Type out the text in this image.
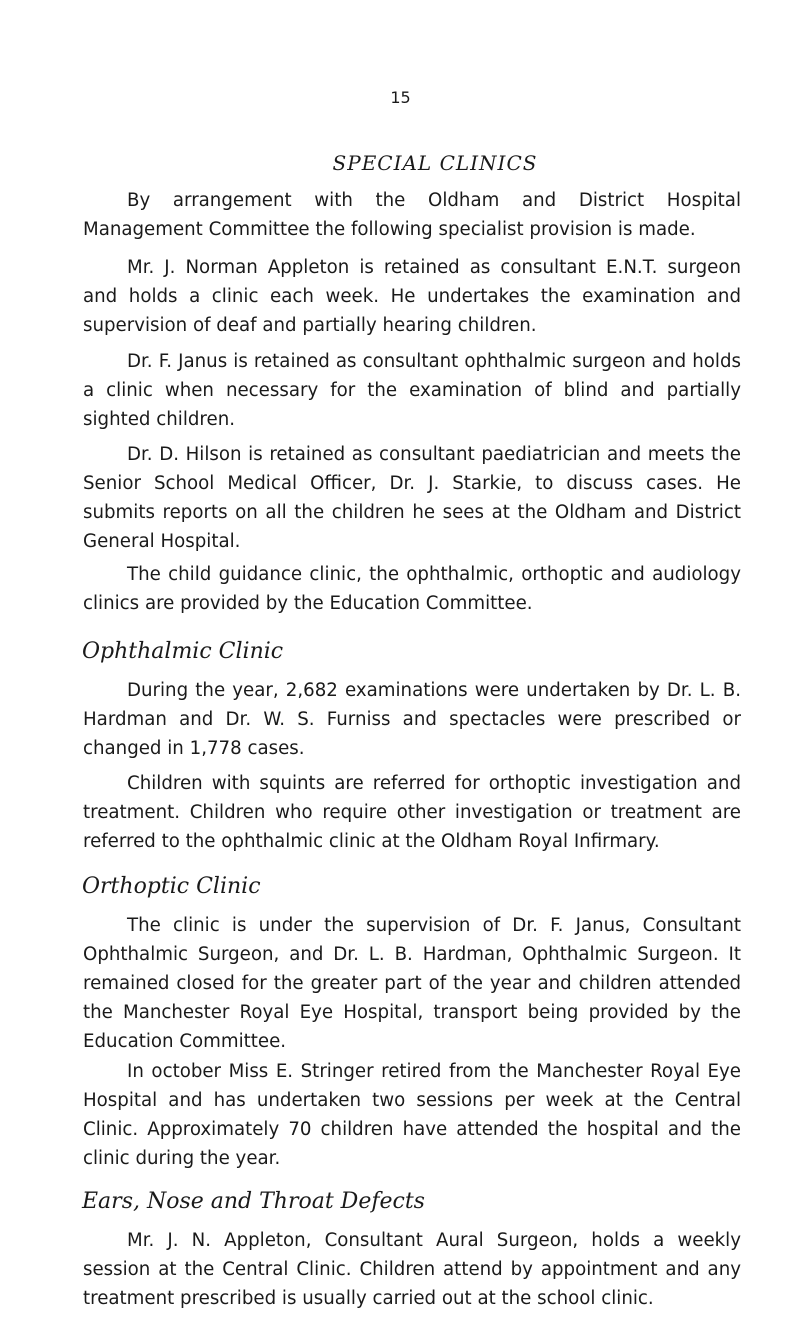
15
SPECIAL CLINICS

By arrangement with the Oldham and District Hospital Management Committee the following specialist provision is made.

Mr. J. Norman Appleton is retained as consultant E.N.T. surgeon and holds a clinic each week. He undertakes the examination and supervision of deaf and partially hearing children.

Dr. F. Janus is retained as consultant ophthalmic surgeon and holds a clinic when necessary for the examination of blind and partially sighted children.

Dr. D. Hilson is retained as consultant paediatrician and meets the Senior School Medical Officer, Dr. J. Starkie, to discuss cases. He submits reports on all the children he sees at the Oldham and District General Hospital.

The child guidance clinic, the ophthalmic, orthoptic and audiology clinics are provided by the Education Committee.

Ophthalmic Clinic

During the year, 2,682 examinations were undertaken by Dr. L. B. Hardman and Dr. W. S. Furniss and spectacles were prescribed or changed in 1,778 cases.

Children with squints are referred for orthoptic investigation and treatment. Children who require other investigation or treatment are referred to the ophthalmic clinic at the Oldham Royal Infirmary.

Orthoptic Clinic

The clinic is under the supervision of Dr. F. Janus, Consultant Ophthalmic Surgeon, and Dr. L. B. Hardman, Ophthalmic Surgeon. It remained closed for the greater part of the year and children attended the Manchester Royal Eye Hospital, transport being provided by the Education Committee.

In october Miss E. Stringer retired from the Manchester Royal Eye Hospital and has undertaken two sessions per week at the Central Clinic. Approximately 70 children have attended the hospital and the clinic during the year.

Ears, Nose and Throat Defects

Mr. J. N. Appleton, Consultant Aural Surgeon, holds a weekly session at the Central Clinic. Children attend by appointment and any treatment prescribed is usually carried out at the school clinic.
